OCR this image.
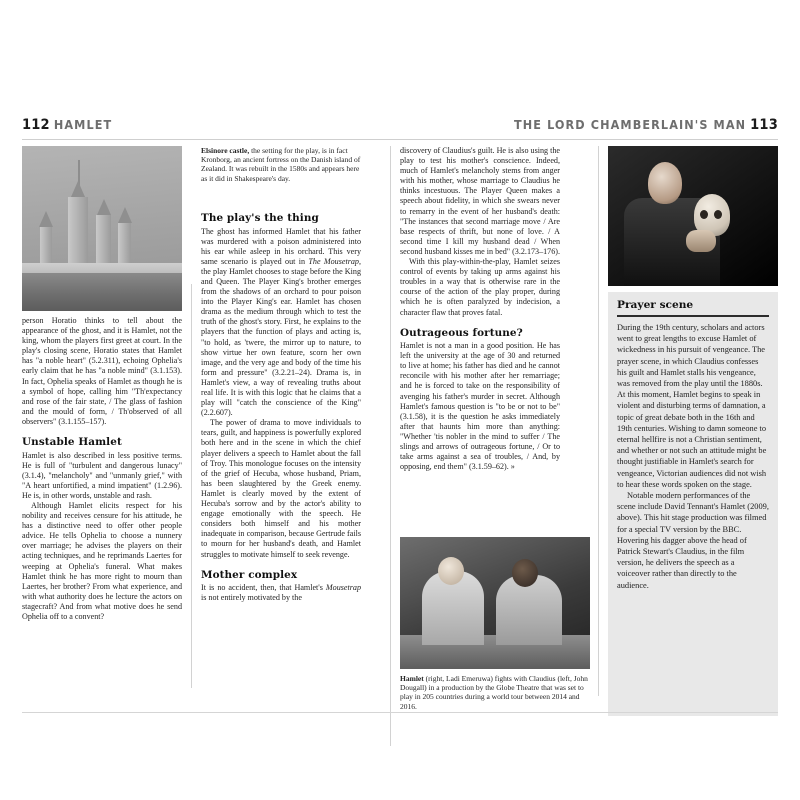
112 HAMLET	THE LORD CHAMBERLAIN'S MAN 113
Elsinore castle, the setting for the play, is in fact Kronborg, an ancient fortress on the Danish island of Zealand. It was rebuilt in the 1580s and appears here as it did in Shakespeare's day.

person Horatio thinks to tell about the appearance of the ghost, and it is Hamlet, not the king, whom the players first greet at court. In the play's closing scene, Horatio states that Hamlet has "a noble heart" (5.2.311), echoing Ophelia's early claim that he has "a noble mind" (3.1.153). In fact, Ophelia speaks of Hamlet as though he is a symbol of hope, calling him "Th'expectancy and rose of the fair state, / The glass of fashion and the mould of form, / Th'observed of all observers" (3.1.155–157).

Unstable Hamlet

Hamlet is also described in less positive terms. He is full of "turbulent and dangerous lunacy" (3.1.4), "melancholy" and "unmanly grief," with "A heart unfortified, a mind impatient" (1.2.96). He is, in other words, unstable and rash.

Although Hamlet elicits respect for his nobility and receives censure for his attitude, he has a distinctive need to offer other people advice. He tells Ophelia to choose a nunnery over marriage; he advises the players on their acting techniques, and he reprimands Laertes for weeping at Ophelia's funeral. What makes Hamlet think he has more right to mourn than Laertes, her brother? From what experience, and with what authority does he lecture the actors on stagecraft? And from what motive does he send Ophelia off to a convent?

The play's the thing

The ghost has informed Hamlet that his father was murdered with a poison administered into his ear while asleep in his orchard. This very same scenario is played out in The Mousetrap, the play Hamlet chooses to stage before the King and Queen. The Player King's brother emerges from the shadows of an orchard to pour poison into the Player King's ear. Hamlet has chosen drama as the medium through which to test the truth of the ghost's story. First, he explains to the players that the function of plays and acting is, "to hold, as 'twere, the mirror up to nature, to show virtue her own feature, scorn her own image, and the very age and body of the time his form and pressure" (3.2.21–24). Drama is, in Hamlet's view, a way of revealing truths about real life. It is with this logic that he claims that a play will "catch the conscience of the King" (2.2.607).

The power of drama to move individuals to tears, guilt, and happiness is powerfully explored both here and in the scene in which the chief player delivers a speech to Hamlet about the fall of Troy. This monologue focuses on the intensity of the grief of Hecuba, whose husband, Priam, has been slaughtered by the Greek enemy. Hamlet is clearly moved by the extent of Hecuba's sorrow and by the actor's ability to engage emotionally with the speech. He considers both himself and his mother inadequate in comparison, because Gertrude fails to mourn for her husband's death, and Hamlet struggles to motivate himself to seek revenge.

Mother complex

It is no accident, then, that Hamlet's Mousetrap is not entirely motivated by the

discovery of Claudius's guilt. He is also using the play to test his mother's conscience. Indeed, much of Hamlet's melancholy stems from anger with his mother, whose marriage to Claudius he thinks incestuous. The Player Queen makes a speech about fidelity, in which she swears never to remarry in the event of her husband's death: "The instances that second marriage move / Are base respects of thrift, but none of love. / A second time I kill my husband dead / When second husband kisses me in bed" (3.2.173–176).

With this play-within-the-play, Hamlet seizes control of events by taking up arms against his troubles in a way that is otherwise rare in the course of the action of the play proper, during which he is often paralyzed by indecision, a character flaw that proves fatal.

Outrageous fortune?

Hamlet is not a man in a good position. He has left the university at the age of 30 and returned to live at home; his father has died and he cannot reconcile with his mother after her remarriage; and he is forced to take on the responsibility of avenging his father's murder in secret. Although Hamlet's famous question is "to be or not to be" (3.1.58), it is the question he asks immediately after that haunts him more than anything: "Whether 'tis nobler in the mind to suffer / The slings and arrows of outrageous fortune, / Or to take arms against a sea of troubles, / And, by opposing, end them" (3.1.59–62). »

Hamlet (right, Ladi Emeruwa) fights with Claudius (left, John Dougall) in a production by the Globe Theatre that was set to play in 205 countries during a world tour between 2014 and 2016.
Prayer scene

During the 19th century, scholars and actors went to great lengths to excuse Hamlet of wickedness in his pursuit of vengeance. The prayer scene, in which Claudius confesses his guilt and Hamlet stalls his vengeance, was removed from the play until the 1880s. At this moment, Hamlet begins to speak in violent and disturbing terms of damnation, a topic of great debate both in the 16th and 19th centuries. Wishing to damn someone to eternal hellfire is not a Christian sentiment, and whether or not such an attitude might be thought justifiable in Hamlet's search for vengeance, Victorian audiences did not wish to hear these words spoken on the stage.

Notable modern performances of the scene include David Tennant's Hamlet (2009, above). This hit stage production was filmed for a special TV version by the BBC. Hovering his dagger above the head of Patrick Stewart's Claudius, in the film version, he delivers the speech as a voiceover rather than directly to the audience.
